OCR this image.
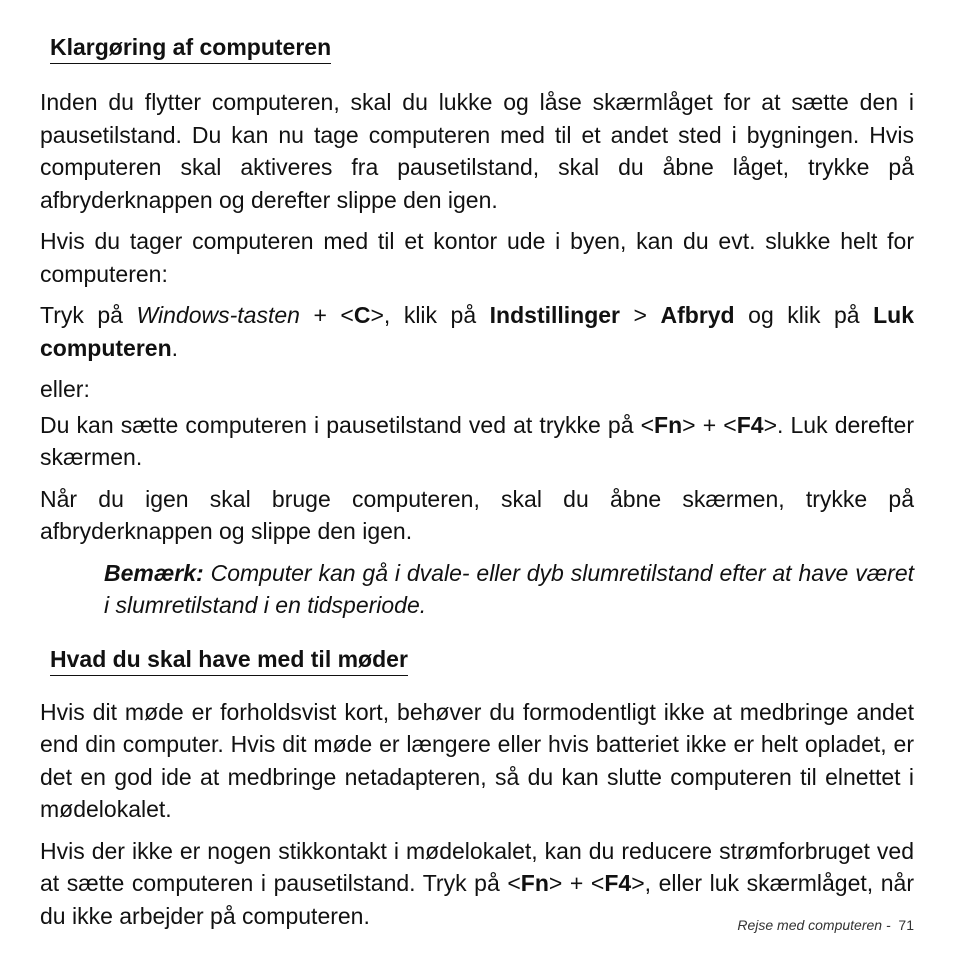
Klargøring af computeren

Inden du flytter computeren, skal du lukke og låse skærmlåget for at sætte den i pausetilstand. Du kan nu tage computeren med til et andet sted i bygningen. Hvis computeren skal aktiveres fra pausetilstand, skal du åbne låget, trykke på afbryderknappen og derefter slippe den igen.

Hvis du tager computeren med til et kontor ude i byen, kan du evt. slukke helt for computeren:

Tryk på Windows-tasten + <C>, klik på Indstillinger > Afbryd og klik på Luk computeren.

eller:

Du kan sætte computeren i pausetilstand ved at trykke på <Fn> + <F4>. Luk derefter skærmen.

Når du igen skal bruge computeren, skal du åbne skærmen, trykke på afbryderknappen og slippe den igen.

Bemærk: Computer kan gå i dvale- eller dyb slumretilstand efter at have været i slumretilstand i en tidsperiode.

Hvad du skal have med til møder

Hvis dit møde er forholdsvist kort, behøver du formodentligt ikke at medbringe andet end din computer. Hvis dit møde er længere eller hvis batteriet ikke er helt opladet, er det en god ide at medbringe netadapteren, så du kan slutte computeren til elnettet i mødelokalet.

Hvis der ikke er nogen stikkontakt i mødelokalet, kan du reducere strømforbruget ved at sætte computeren i pausetilstand. Tryk på <Fn> + <F4>, eller luk skærmlåget, når du ikke arbejder på computeren.	Rejse med computeren - 71
